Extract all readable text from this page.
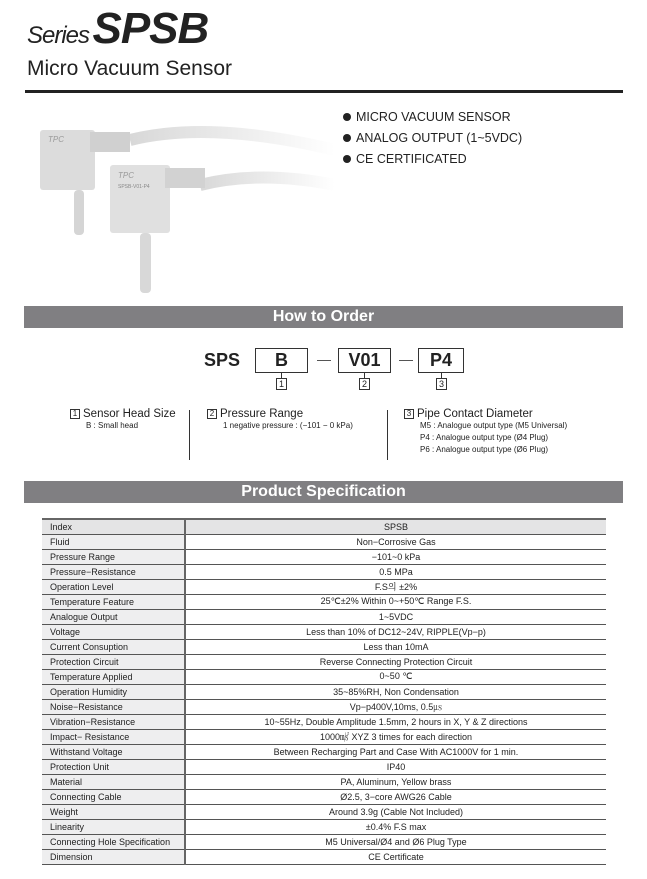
Series SPSB
Micro Vacuum Sensor
TPC
TPC
SPSB-V01-P4
MICRO VACUUM SENSOR
ANALOG OUTPUT (1~5VDC)
CE CERTIFICATED
How to Order
SPS	B	V01	P4
1	2	3
1 Sensor Head Size
B : Small head
2 Pressure Range
1 negative pressure : (−101 − 0 kPa)
3 Pipe Contact Diameter
M5 : Analogue output type (M5 Universal)
P4 : Analogue output type (Ø4 Plug)
P6 : Analogue output type (Ø6 Plug)
Product Specification
Index	SPSB
Fluid	Non−Corrosive Gas
Pressure Range	−101~0 kPa
Pressure−Resistance	0.5 MPa
Operation Level	F.S의 ±2%
Temperature Feature	25℃±2% Within 0~+50℃ Range F.S.
Analogue Output	1~5VDC
Voltage	Less than 10% of DC12~24V, RIPPLE(Vp−p)
Current Consuption	Less than 10mA
Protection Circuit	Reverse Connecting Protection Circuit
Temperature Applied	0~50 ℃
Operation Humidity	35~85%RH, Non Condensation
Noise−Resistance	Vp−p400V,10ms, 0.5㎲
Vibration−Resistance	10~55Hz, Double Amplitude 1.5mm, 2 hours in X, Y & Z directions
Impact− Resistance	1000㎨ XYZ 3 times for each direction
Withstand Voltage	Between Recharging Part and Case With AC1000V for 1 min.
Protection Unit	IP40
Material	PA, Aluminum, Yellow brass
Connecting Cable	Ø2.5, 3−core AWG26 Cable
Weight	Around 3.9g (Cable Not Included)
Linearity	±0.4% F.S max
Connecting Hole Specification	M5 Universal/Ø4 and Ø6 Plug Type
Dimension	CE Certificate
